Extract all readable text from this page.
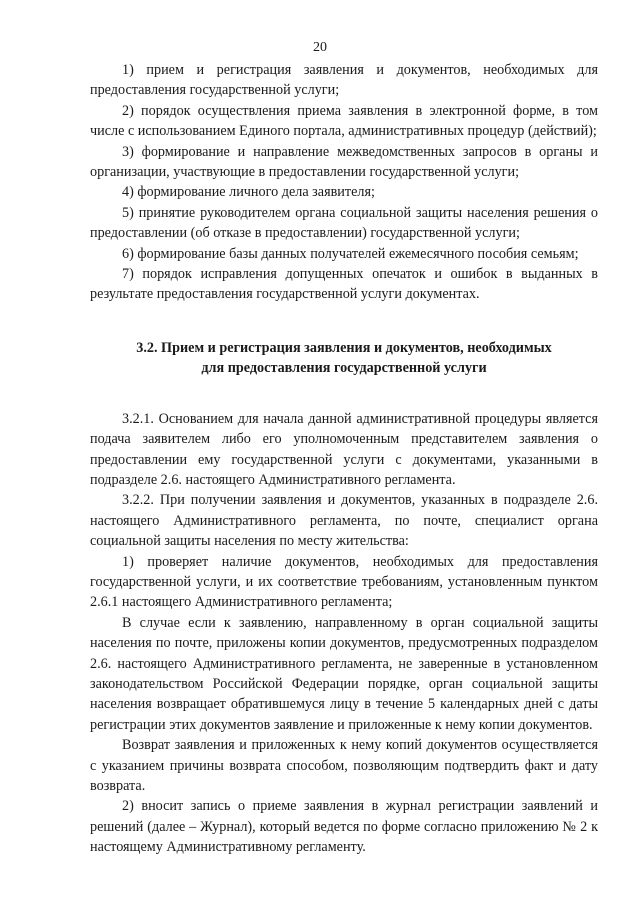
20

1) прием и регистрация заявления и документов, необходимых для предоставления государственной услуги;

2) порядок осуществления приема заявления в электронной форме, в том числе с использованием Единого портала, административных процедур (действий);

3) формирование и направление межведомственных запросов в органы и организации, участвующие в предоставлении государственной услуги;

4) формирование личного дела заявителя;

5) принятие руководителем органа социальной защиты населения решения о предоставлении (об отказе в предоставлении) государственной услуги;

6) формирование базы данных получателей ежемесячного пособия семьям;

7) порядок исправления допущенных опечаток и ошибок в выданных в результате предоставления государственной услуги документах.

3.2. Прием и регистрация заявления и документов, необходимых
для предоставления государственной услуги

3.2.1. Основанием для начала данной административной процедуры является подача заявителем либо его уполномоченным представителем заявления о предоставлении ему государственной услуги с документами, указанными в подразделе 2.6. настоящего Административного регламента.

3.2.2. При получении заявления и документов, указанных в подразделе 2.6. настоящего Административного регламента, по почте, специалист органа социальной защиты населения по месту жительства:

1) проверяет наличие документов, необходимых для предоставления государственной услуги, и их соответствие требованиям, установленным пунктом 2.6.1 настоящего Административного регламента;

В случае если к заявлению, направленному в орган социальной защиты населения по почте, приложены копии документов, предусмотренных подразделом 2.6. настоящего Административного регламента, не заверенные в установленном законодательством Российской Федерации порядке, орган социальной защиты населения возвращает обратившемуся лицу в течение 5 календарных дней с даты регистрации этих документов заявление и приложенные к нему копии документов.

Возврат заявления и приложенных к нему копий документов осуществляется с указанием причины возврата способом, позволяющим подтвердить факт и дату возврата.

2) вносит запись о приеме заявления в журнал регистрации заявлений и решений (далее – Журнал), который ведется по форме согласно приложению № 2 к настоящему Административному регламенту.
